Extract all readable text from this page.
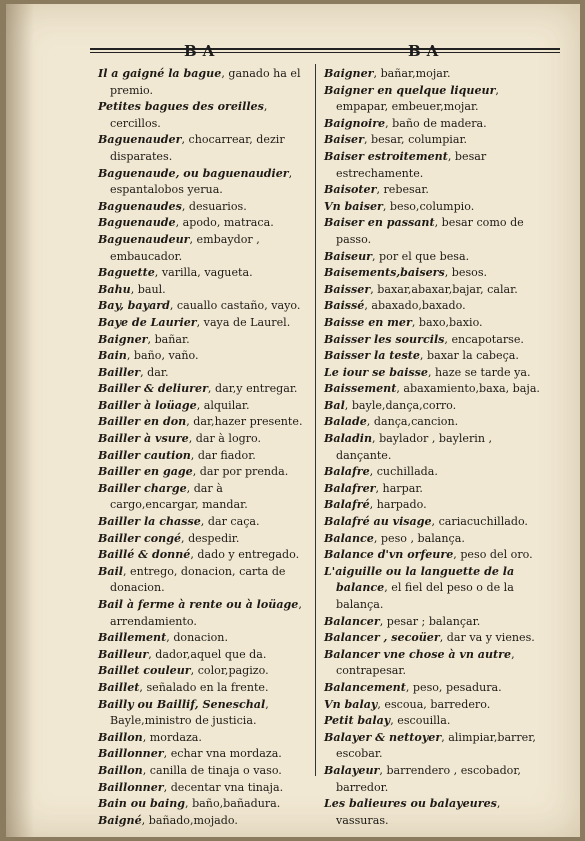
BA	BA
Il a gaigné la bague, ganado ha el premio.
Petites bagues des oreilles, cercillos.
Baguenauder, chocarrear, dezir disparates.
Baguenaude, ou baguenaudier, espantalobos yerua.
Baguenaudes, desuarios.
Baguenaude, apodo, matraca.
Baguenaudeur, embaydor , embaucador.
Baguette, varilla, vagueta.
Bahu, baul.
Bay, bayard, cauallo castaño, vayo.
Baye de Laurier, vaya de Laurel.
Baigner, bañar.
Bain, baño, vaño.
Bailler, dar.
Bailler & deliurer, dar,y entregar.
Bailler à loüage, alquilar.
Bailler en don, dar,hazer presente.
Bailler à vsure, dar à logro.
Bailler caution, dar fiador.
Bailler en gage, dar por prenda.
Bailler charge, dar à cargo,encargar, mandar.
Bailler la chasse, dar caça.
Bailler congé, despedir.
Baillé & donné, dado y entregado.
Bail, entrego, donacion, carta de donacion.
Bail à ferme à rente ou à loüage, arrendamiento.
Baillement, donacion.
Bailleur, dador,aquel que da.
Baillet couleur, color,pagizo.
Baillet, señalado en la frente.
Bailly ou Baillif, Seneschal, Bayle,ministro de justicia.
Baillon, mordaza.
Baillonner, echar vna mordaza.
Baillon, canilla de tinaja o vaso.
Baillonner, decentar vna tinaja.
Bain ou baing, baño,bañadura.
Baigné, bañado,mojado.
Baigner, bañar,mojar.
Baigner en quelque liqueur, empapar, embeuer,mojar.
Baignoire, baño de madera.
Baiser, besar, columpiar.
Baiser estroitement, besar estrechamente.
Baisoter, rebesar.
Vn baiser, beso,columpio.
Baiser en passant, besar como de passo.
Baiseur, por el que besa.
Baisements,baisers, besos.
Baisser, baxar,abaxar,bajar, calar.
Baissé, abaxado,baxado.
Baisse en mer, baxo,baxio.
Baisser les sourcils, encapotarse.
Baisser la teste, baxar la cabeça.
Le iour se baisse, haze se tarde ya.
Baissement, abaxamiento,baxa, baja.
Bal, bayle,dança,corro.
Balade, dança,cancion.
Baladin, baylador , baylerin , dançante.
Balafre, cuchillada.
Balafrer, harpar.
Balafré, harpado.
Balafré au visage, cariacuchillado.
Balance, peso , balança.
Balance d'vn orfeure, peso del oro.
L'aiguille ou la languette de la balance, el fiel del peso o de la balança.
Balancer, pesar ; balançar.
Balancer , secoüer, dar va y vienes.
Balancer vne chose à vn autre, contrapesar.
Balancement, peso, pesadura.
Vn balay, escoua, barredero.
Petit balay, escouilla.
Balayer & nettoyer, alimpiar,barrer, escobar.
Balayeur, barrendero , escobador, barredor.
Les balieures ou balayeures, vassuras.
